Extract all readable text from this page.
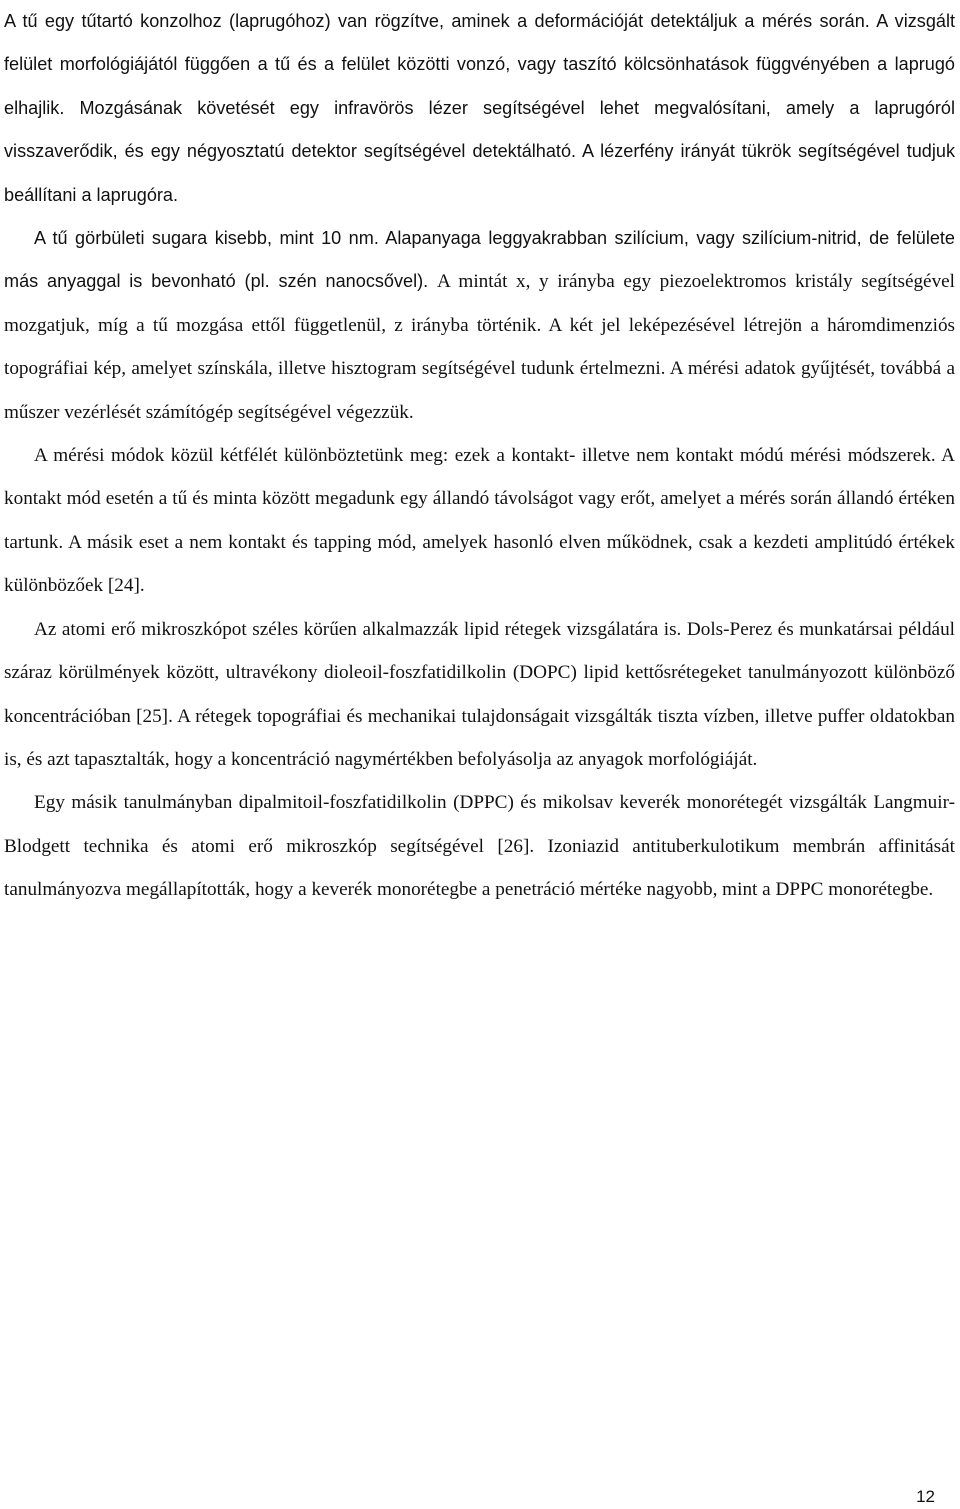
A tű egy tűtartó konzolhoz (laprugóhoz) van rögzítve, aminek a deformációját detektáljuk a mérés során. A vizsgált felület morfológiájától függően a tű és a felület közötti vonzó, vagy taszító kölcsönhatások függvényében a laprugó elhajlik. Mozgásának követését egy infravörös lézer segítségével lehet megvalósítani, amely a laprugóról visszaverődik, és egy négyosztatú detektor segítségével detektálható. A lézerfény irányát tükrök segítségével tudjuk beállítani a laprugóra.

A tű görbületi sugara kisebb, mint 10 nm. Alapanyaga leggyakrabban szilícium, vagy szilícium-nitrid, de felülete más anyaggal is bevonható (pl. szén nanocsővel). A mintát x, y irányba egy piezoelektromos kristály segítségével mozgatjuk, míg a tű mozgása ettől függetlenül, z irányba történik. A két jel leképezésével létrejön a háromdimenziós topográfiai kép, amelyet színskála, illetve hisztogram segítségével tudunk értelmezni. A mérési adatok gyűjtését, továbbá a műszer vezérlését számítógép segítségével végezzük.

A mérési módok közül kétfélét különböztetünk meg: ezek a kontakt- illetve nem kontakt módú mérési módszerek. A kontakt mód esetén a tű és minta között megadunk egy állandó távolságot vagy erőt, amelyet a mérés során állandó értéken tartunk. A másik eset a nem kontakt és tapping mód, amelyek hasonló elven működnek, csak a kezdeti amplitúdó értékek különbözőek [24].

Az atomi erő mikroszkópot széles körűen alkalmazzák lipid rétegek vizsgálatára is. Dols-Perez és munkatársai például száraz körülmények között, ultravékony dioleoil-foszfatidilkolin (DOPC) lipid kettősrétegeket tanulmányozott különböző koncentrációban [25]. A rétegek topográfiai és mechanikai tulajdonságait vizsgálták tiszta vízben, illetve puffer oldatokban is, és azt tapasztalták, hogy a koncentráció nagymértékben befolyásolja az anyagok morfológiáját.

Egy másik tanulmányban dipalmitoil-foszfatidilkolin (DPPC) és mikolsav keverék monorétegét vizsgálták Langmuir-Blodgett technika és atomi erő mikroszkóp segítségével [26]. Izoniazid antituberkulotikum membrán affinitását tanulmányozva megállapították, hogy a keverék monorétegbe a penetráció mértéke nagyobb, mint a DPPC monorétegbe.

12
